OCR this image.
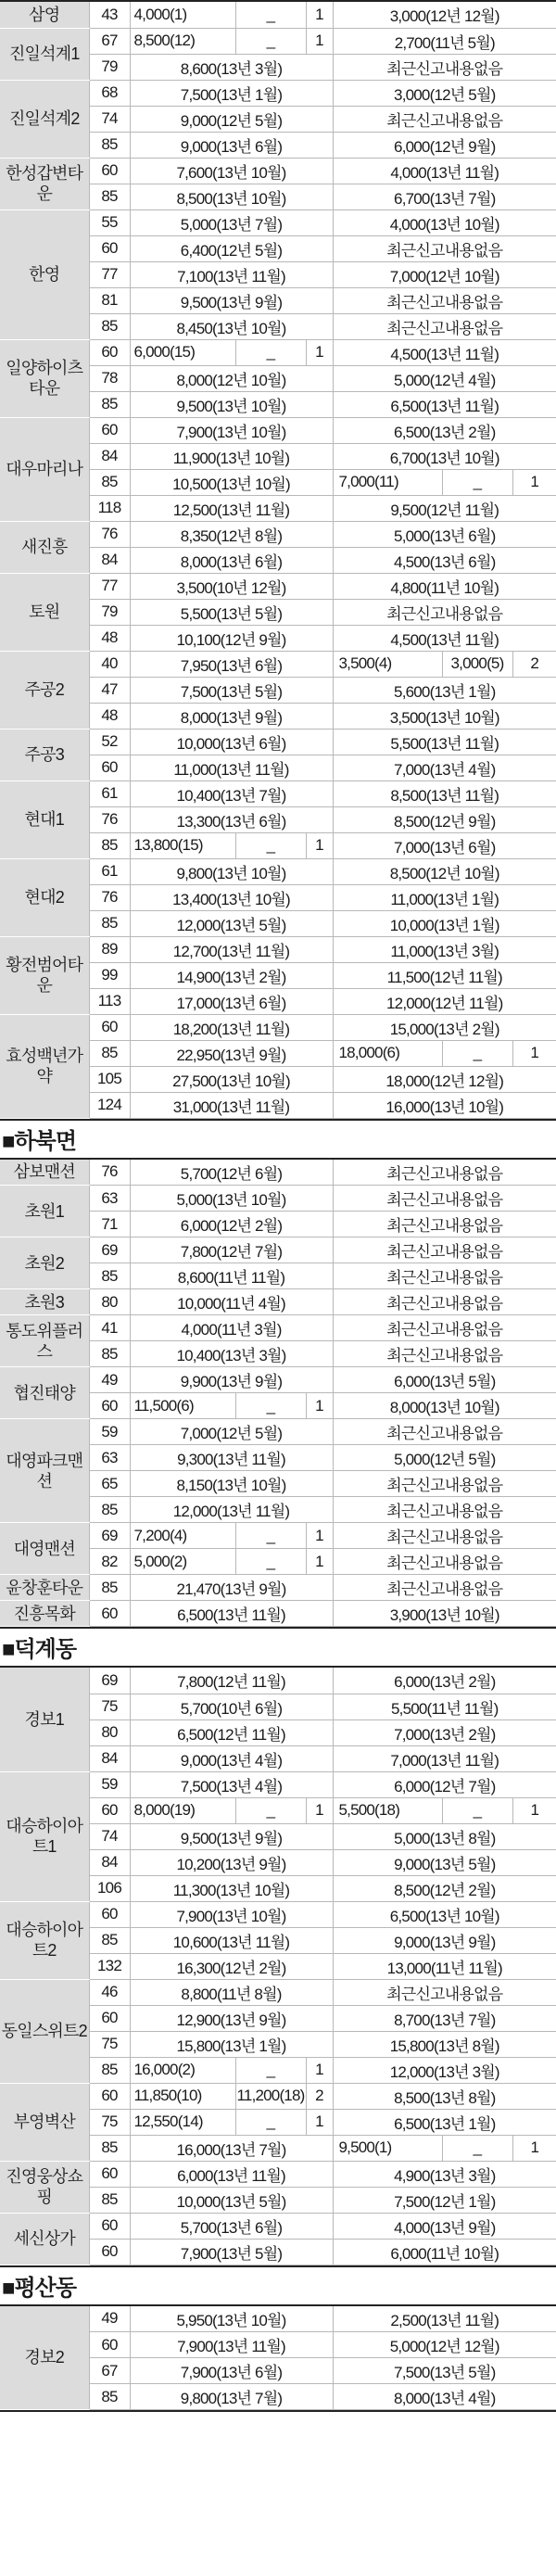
삼영	43	4,000(1)	_	1	3,000(12년 12월)		
진일석계1	67	8,500(12)	_	1	2,700(11년 5월)		
	79	8,600(13년 3월)			최근신고내용없음		
진일석계2	68	7,500(13년 1월)			3,000(12년 5월)		
	74	9,000(12년 5월)			최근신고내용없음		
	85	9,000(13년 6월)			6,000(12년 9월)		
한성갑변타운	60	7,600(13년 10월)			4,000(13년 11월)		
	85	8,500(13년 10월)			6,700(13년 7월)		
한영	55	5,000(13년 7월)			4,000(13년 10월)		
	60	6,400(12년 5월)			최근신고내용없음		
	77	7,100(13년 11월)			7,000(12년 10월)		
	81	9,500(13년 9월)			최근신고내용없음		
	85	8,450(13년 10월)			최근신고내용없음		
일양하이츠타운	60	6,000(15)	_	1	4,500(13년 11월)		
	78	8,000(12년 10월)			5,000(12년 4월)		
	85	9,500(13년 10월)			6,500(13년 11월)		
대우마리나	60	7,900(13년 10월)			6,500(13년 2월)		
	84	11,900(13년 10월)			6,700(13년 10월)		
	85	10,500(13년 10월)			7,000(11)	_	1
	118	12,500(13년 11월)			9,500(12년 11월)		
새진흥	76	8,350(12년 8월)			5,000(13년 6월)		
	84	8,000(13년 6월)			4,500(13년 6월)		
토원	77	3,500(10년 12월)			4,800(11년 10월)		
	79	5,500(13년 5월)			최근신고내용없음		
	48	10,100(12년 9월)			4,500(13년 11월)		
주공2	40	7,950(13년 6월)			3,500(4)	3,000(5)	2
	47	7,500(13년 5월)			5,600(13년 1월)		
	48	8,000(13년 9월)			3,500(13년 10월)		
주공3	52	10,000(13년 6월)			5,500(13년 11월)		
	60	11,000(13년 11월)			7,000(13년 4월)		
현대1	61	10,400(13년 7월)			8,500(13년 11월)		
	76	13,300(13년 6월)			8,500(12년 9월)		
	85	13,800(15)	_	1	7,000(13년 6월)		
현대2	61	9,800(13년 10월)			8,500(12년 10월)		
	76	13,400(13년 10월)			11,000(13년 1월)		
	85	12,000(13년 5월)			10,000(13년 1월)		
황전범어타운	89	12,700(13년 11월)			11,000(13년 3월)		
	99	14,900(13년 2월)			11,500(12년 11월)		
	113	17,000(13년 6월)			12,000(12년 11월)		
효성백년가약	60	18,200(13년 11월)			15,000(13년 2월)		
	85	22,950(13년 9월)			18,000(6)	_	1
	105	27,500(13년 10월)			18,000(12년 12월)		
	124	31,000(13년 11월)			16,000(13년 10월)		
■하북면
삼보맨션	76	5,700(12년 6월)			최근신고내용없음
초원1	63	5,000(13년 10월)			최근신고내용없음
	71	6,000(12년 2월)			최근신고내용없음
초원2	69	7,800(12년 7월)			최근신고내용없음
	85	8,600(11년 11월)			최근신고내용없음
초원3	80	10,000(11년 4월)			최근신고내용없음
통도위플러스	41	4,000(11년 3월)			최근신고내용없음
	85	10,400(13년 3월)			최근신고내용없음
협진태양	49	9,900(13년 9월)			6,000(13년 5월)
	60	11,500(6)	_	1	8,000(13년 10월)
대영파크맨션	59	7,000(12년 5월)			최근신고내용없음
	63	9,300(13년 11월)			5,000(12년 5월)
	65	8,150(13년 10월)			최근신고내용없음
	85	12,000(13년 11월)			최근신고내용없음
대영맨션	69	7,200(4)	_	1	최근신고내용없음
	82	5,000(2)	_	1	최근신고내용없음
윤창훈타운	85	21,470(13년 9월)			최근신고내용없음
진흥목화	60	6,500(13년 11월)			3,900(13년 10월)
■덕계동
경보1	69	7,800(12년 11월)			6,000(13년 2월)		
	75	5,700(10년 6월)			5,500(11년 11월)		
	80	6,500(12년 11월)			7,000(13년 2월)		
	84	9,000(13년 4월)			7,000(13년 11월)		
대승하이아트1	59	7,500(13년 4월)			6,000(12년 7월)		
	60	8,000(19)	_	1	5,500(18)	_	1
	74	9,500(13년 9월)			5,000(13년 8월)		
	84	10,200(13년 9월)			9,000(13년 5월)		
	106	11,300(13년 10월)			8,500(12년 2월)		
대승하이아트2	60	7,900(13년 10월)			6,500(13년 10월)		
	85	10,600(13년 11월)			9,000(13년 9월)		
	132	16,300(12년 2월)			13,000(11년 11월)		
동일스위트2	46	8,800(11년 8월)			최근신고내용없음		
	60	12,900(13년 9월)			8,700(13년 7월)		
	75	15,800(13년 1월)			15,800(13년 8월)		
	85	16,000(2)	_	1	12,000(13년 3월)		
부영벽산	60	11,850(10)	11,200(18)	2	8,500(13년 8월)		
	75	12,550(14)	_	1	6,500(13년 1월)		
	85	16,000(13년 7월)			9,500(1)	_	1
진영웅상쇼핑	60	6,000(13년 11월)			4,900(13년 3월)		
	85	10,000(13년 5월)			7,500(12년 1월)		
세신상가	60	5,700(13년 6월)			4,000(13년 9월)		
	60	7,900(13년 5월)			6,000(11년 10월)		
■평산동
경보2	49	5,950(13년 10월)	2,500(13년 11월)
	60	7,900(13년 11월)	5,000(12년 12월)
	67	7,900(13년 6월)	7,500(13년 5월)
	85	9,800(13년 7월)	8,000(13년 4월)
